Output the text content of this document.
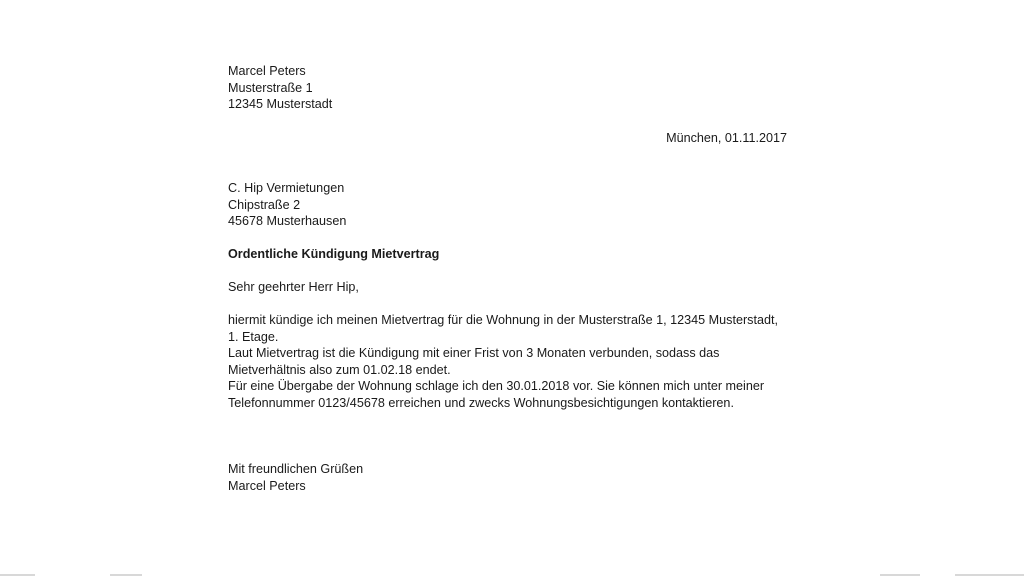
Marcel Peters
Musterstraße 1
12345 Musterstadt
München, 01.11.2017
C. Hip Vermietungen
Chipstraße 2
45678 Musterhausen
Ordentliche Kündigung Mietvertrag
Sehr geehrter Herr Hip,
hiermit kündige ich meinen Mietvertrag für die Wohnung in der Musterstraße 1, 12345 Musterstadt,
1. Etage.
Laut Mietvertrag ist die Kündigung mit einer Frist von 3 Monaten verbunden, sodass das
Mietverhältnis also zum 01.02.18 endet.
Für eine Übergabe der Wohnung schlage ich den 30.01.2018 vor. Sie können mich unter meiner
Telefonnummer 0123/45678 erreichen und zwecks Wohnungsbesichtigungen kontaktieren.
Mit freundlichen Grüßen
Marcel Peters
